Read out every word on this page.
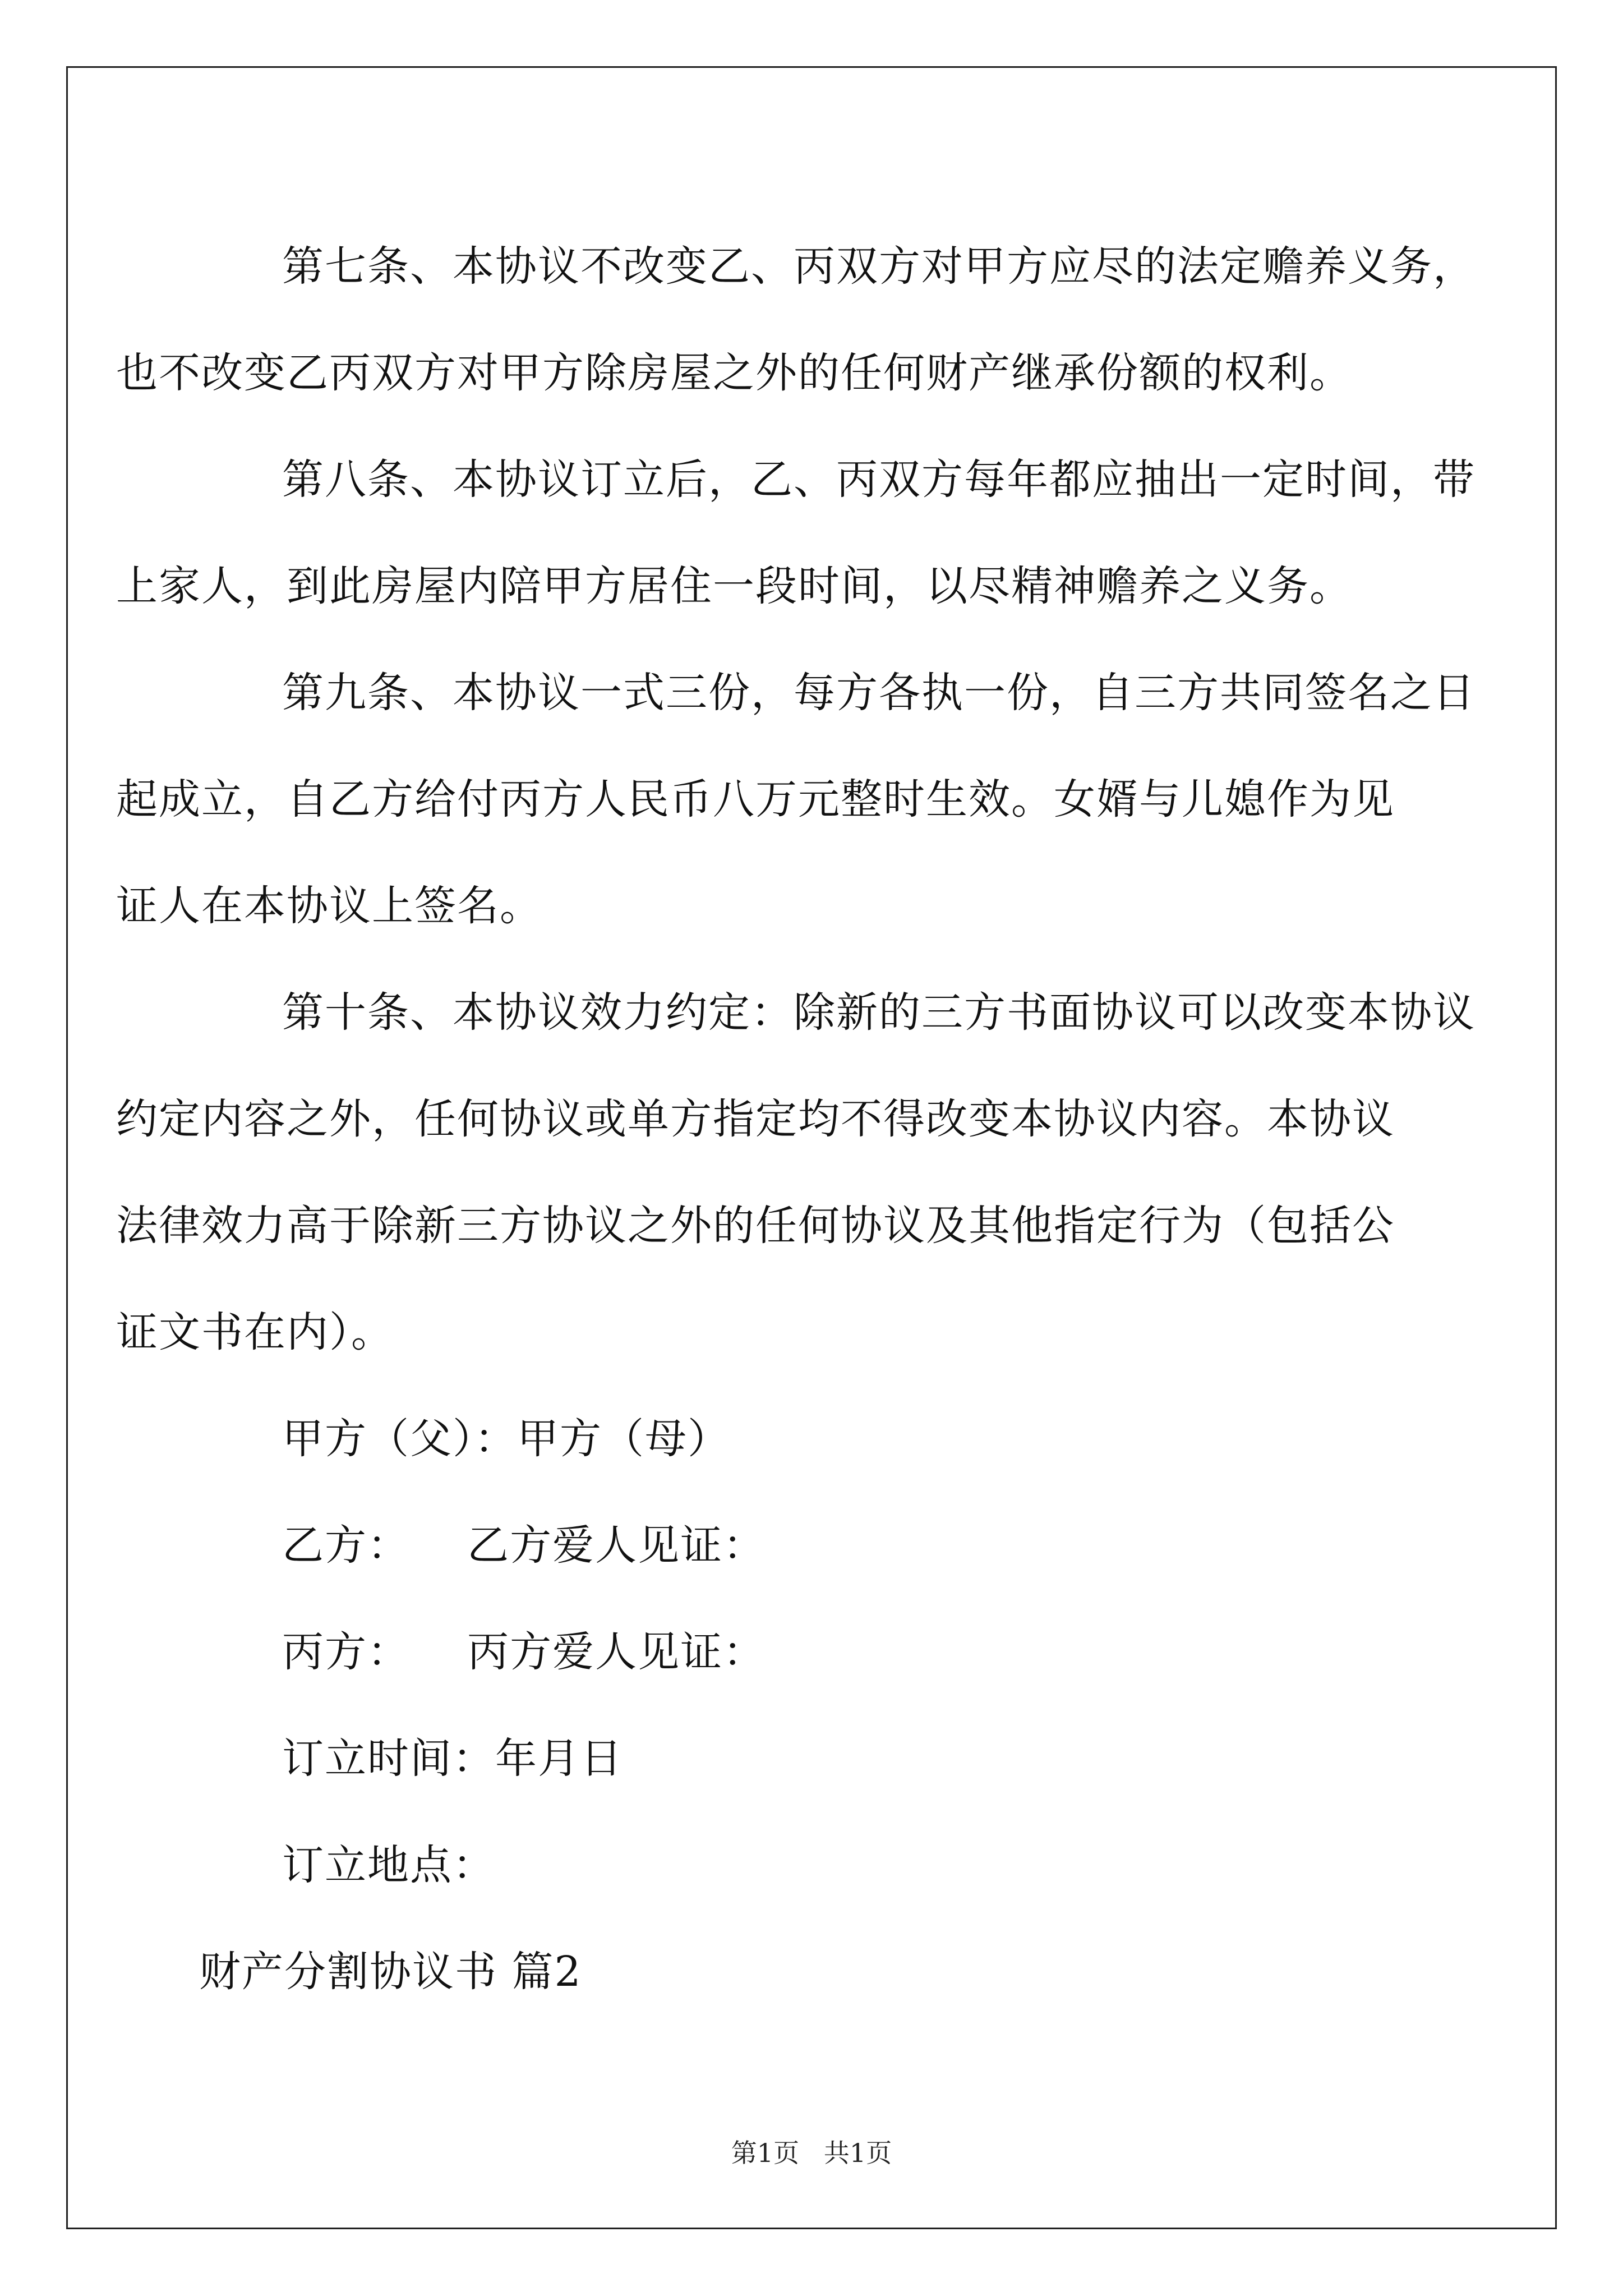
第七条、本协议不改变乙、丙双方对甲方应尽的法定赡养义务，
也不改变乙丙双方对甲方除房屋之外的任何财产继承份额的权利。
第八条、本协议订立后，乙、丙双方每年都应抽出一定时间，带
上家人，到此房屋内陪甲方居住一段时间，以尽精神赡养之义务。
第九条、本协议一式三份，每方各执一份，自三方共同签名之日
起成立，自乙方给付丙方人民币八万元整时生效。女婿与儿媳作为见
证人在本协议上签名。
第十条、本协议效力约定：除新的三方书面协议可以改变本协议
约定内容之外，任何协议或单方指定均不得改变本协议内容。本协议
法律效力高于除新三方协议之外的任何协议及其他指定行为（包括公
证文书在内）。

甲方（父）：甲方（母）

乙方：    乙方爱人见证：

丙方：    丙方爱人见证：

订立时间：年月日

订立地点：

财产分割协议书 篇2

第1页   共1页
